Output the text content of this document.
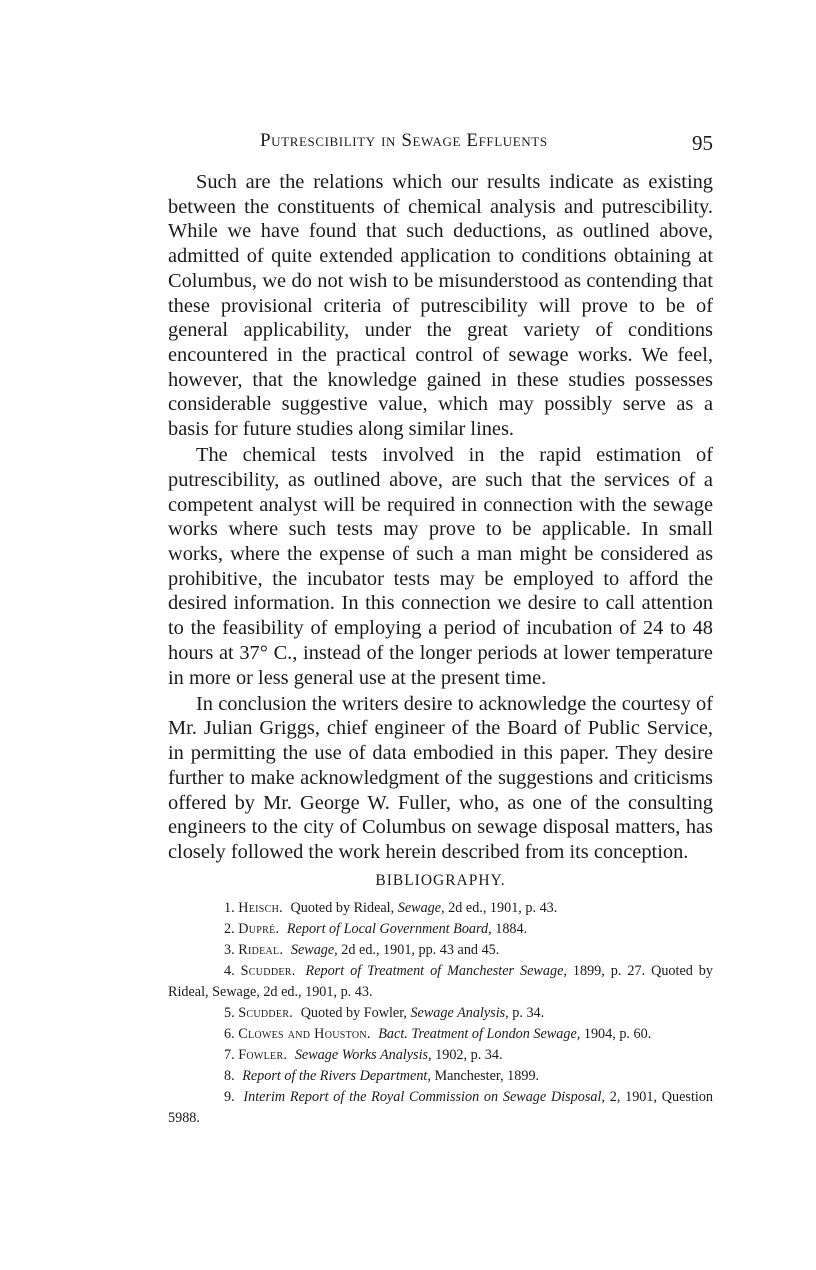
Putrescibility in Sewage Effluents	95

Such are the relations which our results indicate as existing between the constituents of chemical analysis and putrescibility. While we have found that such deductions, as outlined above, admitted of quite extended application to conditions obtaining at Columbus, we do not wish to be misunderstood as contending that these provisional criteria of putrescibility will prove to be of general applicability, under the great variety of conditions encountered in the practical control of sewage works. We feel, however, that the knowledge gained in these studies possesses considerable suggestive value, which may possibly serve as a basis for future studies along similar lines.

The chemical tests involved in the rapid estimation of putrescibility, as outlined above, are such that the services of a competent analyst will be required in connection with the sewage works where such tests may prove to be applicable. In small works, where the expense of such a man might be considered as prohibitive, the incubator tests may be employed to afford the desired information. In this connection we desire to call attention to the feasibility of employing a period of incubation of 24 to 48 hours at 37° C., instead of the longer periods at lower temperature in more or less general use at the present time.

In conclusion the writers desire to acknowledge the courtesy of Mr. Julian Griggs, chief engineer of the Board of Public Service, in permitting the use of data embodied in this paper. They desire further to make acknowledgment of the suggestions and criticisms offered by Mr. George W. Fuller, who, as one of the consulting engineers to the city of Columbus on sewage disposal matters, has closely followed the work herein described from its conception.

BIBLIOGRAPHY.
1. Heisch. Quoted by Rideal, Sewage, 2d ed., 1901, p. 43.
2. Dupré. Report of Local Government Board, 1884.
3. Rideal. Sewage, 2d ed., 1901, pp. 43 and 45.
4. Scudder. Report of Treatment of Manchester Sewage, 1899, p. 27. Quoted by Rideal, Sewage, 2d ed., 1901, p. 43.
5. Scudder. Quoted by Fowler, Sewage Analysis, p. 34.
6. Clowes and Houston. Bact. Treatment of London Sewage, 1904, p. 60.
7. Fowler. Sewage Works Analysis, 1902, p. 34.
8. Report of the Rivers Department, Manchester, 1899.
9. Interim Report of the Royal Commission on Sewage Disposal, 2, 1901, Question 5988.
